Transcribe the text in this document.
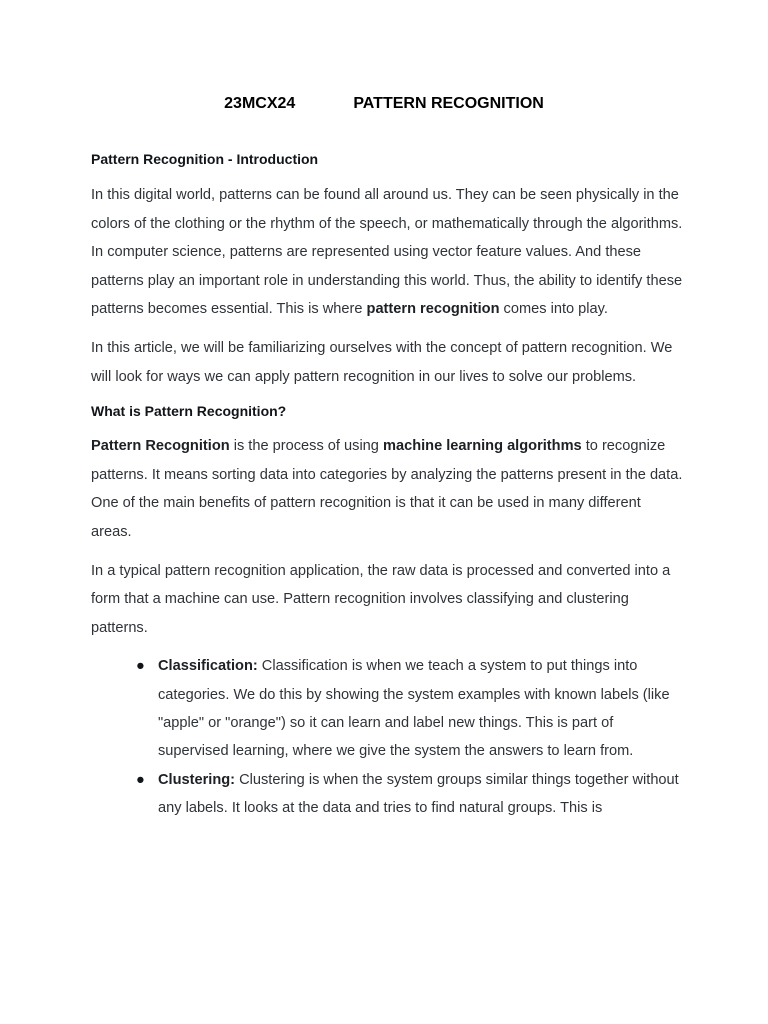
23MCX24	PATTERN RECOGNITION
Pattern Recognition - Introduction

In this digital world, patterns can be found all around us. They can be seen physically in the colors of the clothing or the rhythm of the speech, or mathematically through the algorithms. In computer science, patterns are represented using vector feature values. And these patterns play an important role in understanding this world. Thus, the ability to identify these patterns becomes essential. This is where pattern recognition comes into play.

In this article, we will be familiarizing ourselves with the concept of pattern recognition. We will look for ways we can apply pattern recognition in our lives to solve our problems.

What is Pattern Recognition?

Pattern Recognition is the process of using machine learning algorithms to recognize patterns. It means sorting data into categories by analyzing the patterns present in the data. One of the main benefits of pattern recognition is that it can be used in many different areas.

In a typical pattern recognition application, the raw data is processed and converted into a form that a machine can use. Pattern recognition involves classifying and clustering patterns.

● Classification: Classification is when we teach a system to put things into categories. We do this by showing the system examples with known labels (like "apple" or "orange") so it can learn and label new things. This is part of supervised learning, where we give the system the answers to learn from.
● Clustering: Clustering is when the system groups similar things together without any labels. It looks at the data and tries to find natural groups. This is
